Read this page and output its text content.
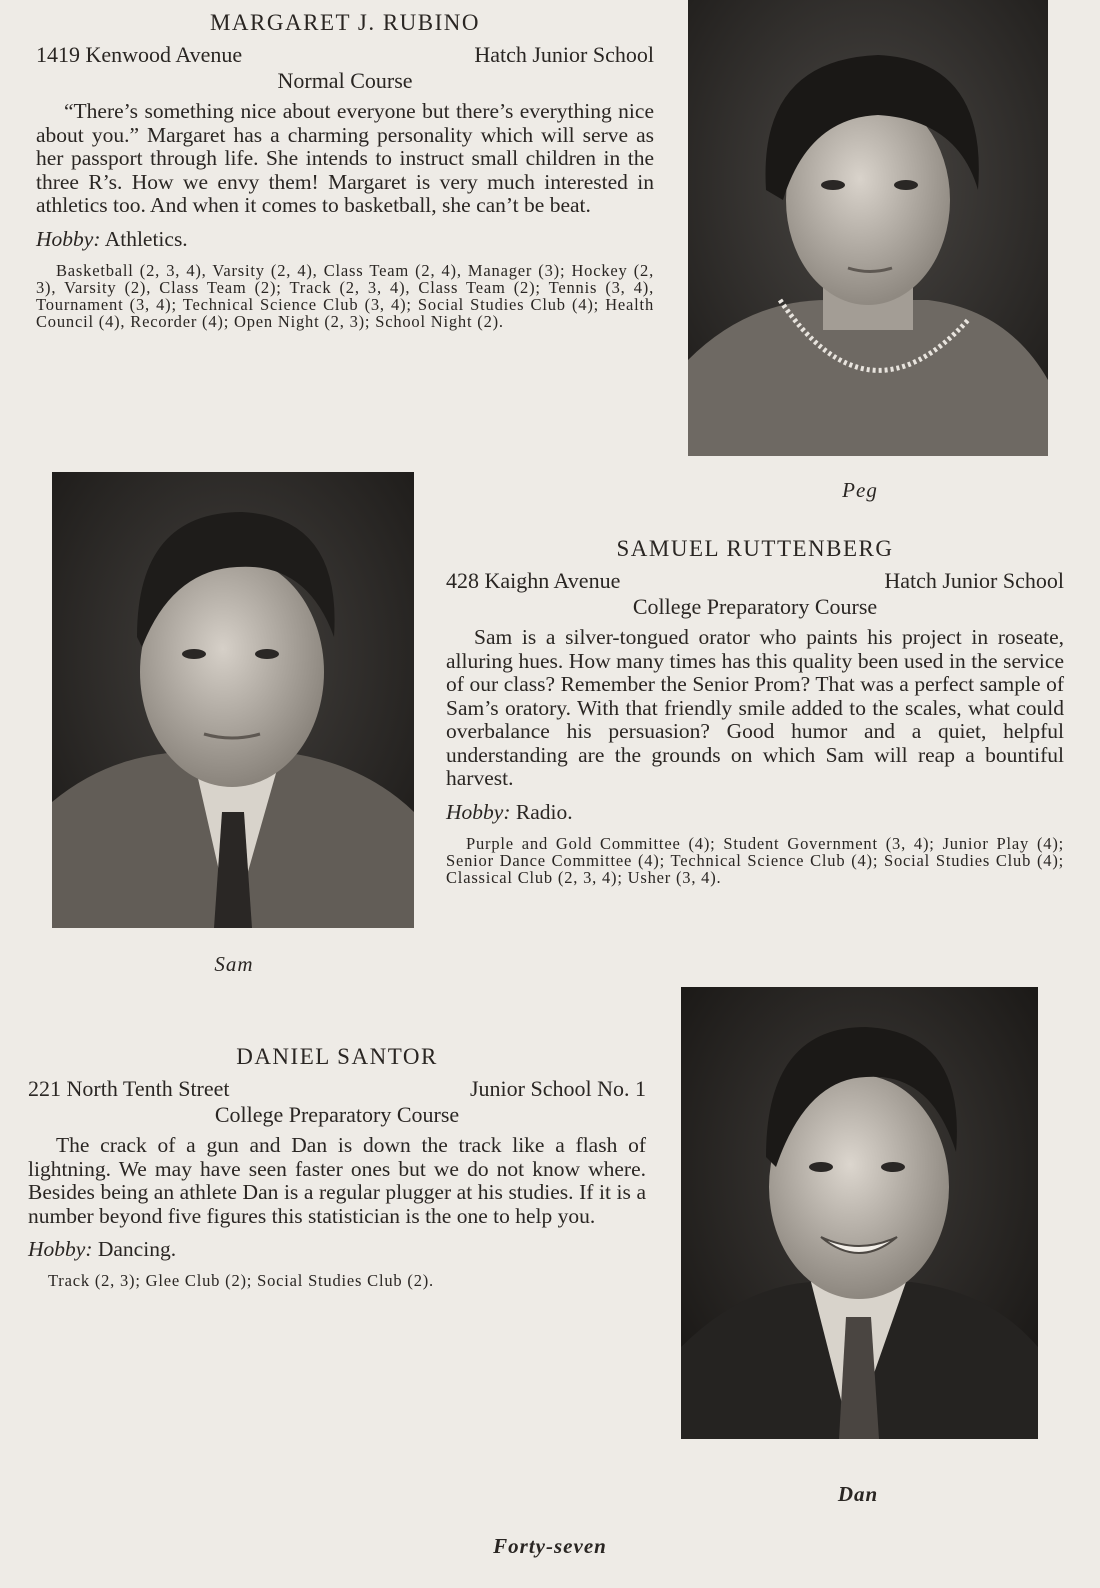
MARGARET J. RUBINO
1419 Kenwood Avenue	Hatch Junior School
Normal Course

“There’s something nice about everyone but there’s everything nice about you.” Margaret has a charming personality which will serve as her passport through life. She intends to instruct small children in the three R’s. How we envy them! Margaret is very much interested in athletics too. And when it comes to basketball, she can’t be beat.

Hobby: Athletics.
Basketball (2, 3, 4), Varsity (2, 4), Class Team (2, 4), Manager (3); Hockey (2, 3), Varsity (2), Class Team (2); Track (2, 3, 4), Class Team (2); Tennis (3, 4), Tournament (3, 4); Technical Science Club (3, 4); Social Studies Club (4); Health Council (4), Recorder (4); Open Night (2, 3); School Night (2).
Peg
Sam
SAMUEL RUTTENBERG
428 Kaighn Avenue	Hatch Junior School
College Preparatory Course

Sam is a silver-tongued orator who paints his project in roseate, alluring hues. How many times has this quality been used in the service of our class? Remember the Senior Prom? That was a perfect sample of Sam’s oratory. With that friendly smile added to the scales, what could overbalance his persuasion? Good humor and a quiet, helpful understanding are the grounds on which Sam will reap a bountiful harvest.

Hobby: Radio.
Purple and Gold Committee (4); Student Government (3, 4); Junior Play (4); Senior Dance Committee (4); Technical Science Club (4); Social Studies Club (4); Classical Club (2, 3, 4); Usher (3, 4).
DANIEL SANTOR
221 North Tenth Street	Junior School No. 1
College Preparatory Course

The crack of a gun and Dan is down the track like a flash of lightning. We may have seen faster ones but we do not know where. Besides being an athlete Dan is a regular plugger at his studies. If it is a number beyond five figures this statistician is the one to help you.

Hobby: Dancing.
Track (2, 3); Glee Club (2); Social Studies Club (2).
Dan
Forty-seven
